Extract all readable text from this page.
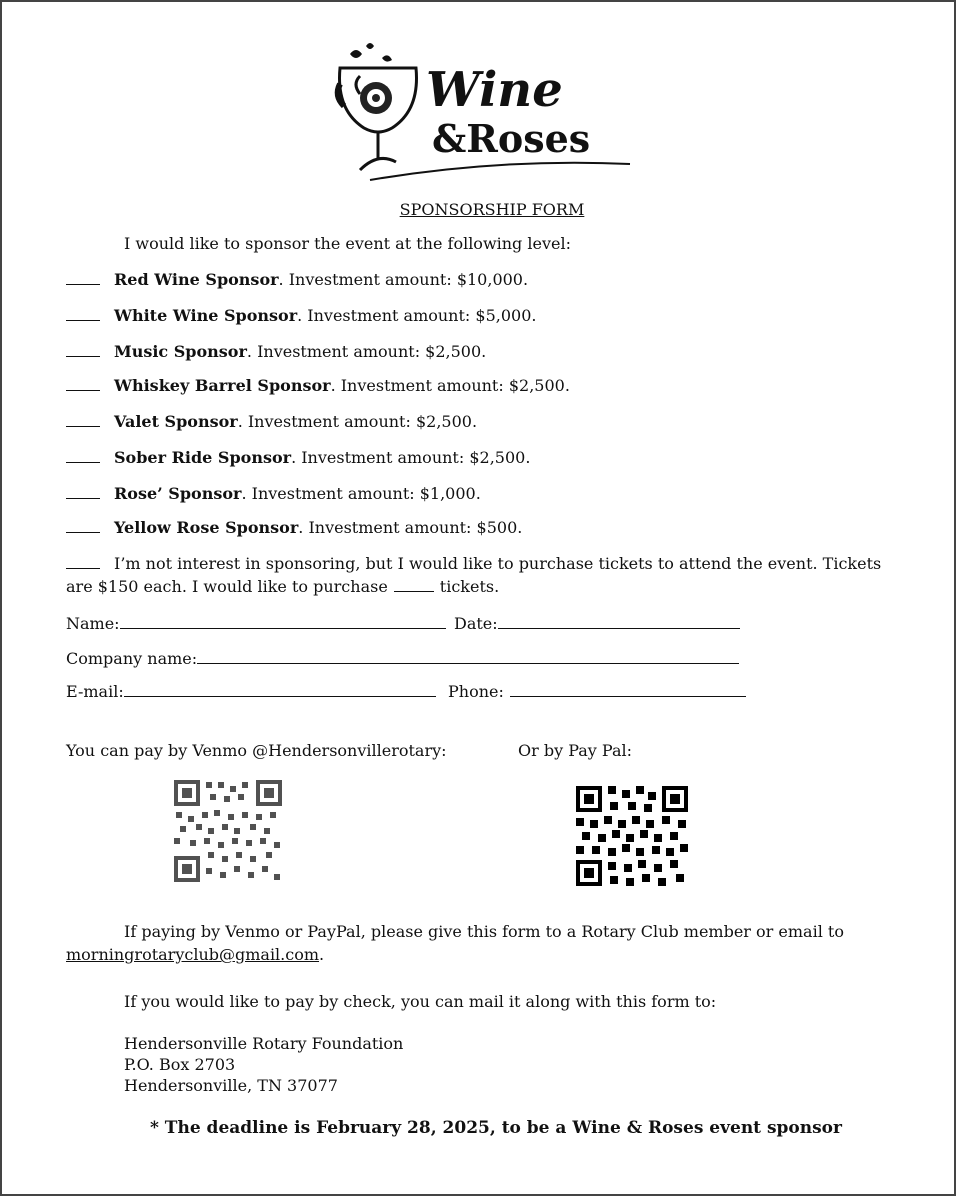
Wine
&Roses
SPONSORSHIP FORM
I would like to sponsor the event at the following level:
Red Wine Sponsor. Investment amount: $10,000.
White Wine Sponsor. Investment amount: $5,000.
Music Sponsor. Investment amount: $2,500.
Whiskey Barrel Sponsor. Investment amount: $2,500.
Valet Sponsor. Investment amount: $2,500.
Sober Ride Sponsor. Investment amount: $2,500.
Rose’ Sponsor. Investment amount: $1,000.
Yellow Rose Sponsor. Investment amount: $500.
I’m not interest in sponsoring, but I would like to purchase tickets to attend the event. Tickets
are $150 each. I would like to purchase	tickets.
Name:	Date:
Company name:
E-mail:	Phone:
You can pay by Venmo @Hendersonvillerotary:	Or by Pay Pal:
If paying by Venmo or PayPal, please give this form to a Rotary Club member or email to
morningrotaryclub@gmail.com.
If you would like to pay by check, you can mail it along with this form to:
Hendersonville Rotary Foundation
P.O. Box 2703
Hendersonville, TN 37077
* The deadline is February 28, 2025, to be a Wine & Roses event sponsor
